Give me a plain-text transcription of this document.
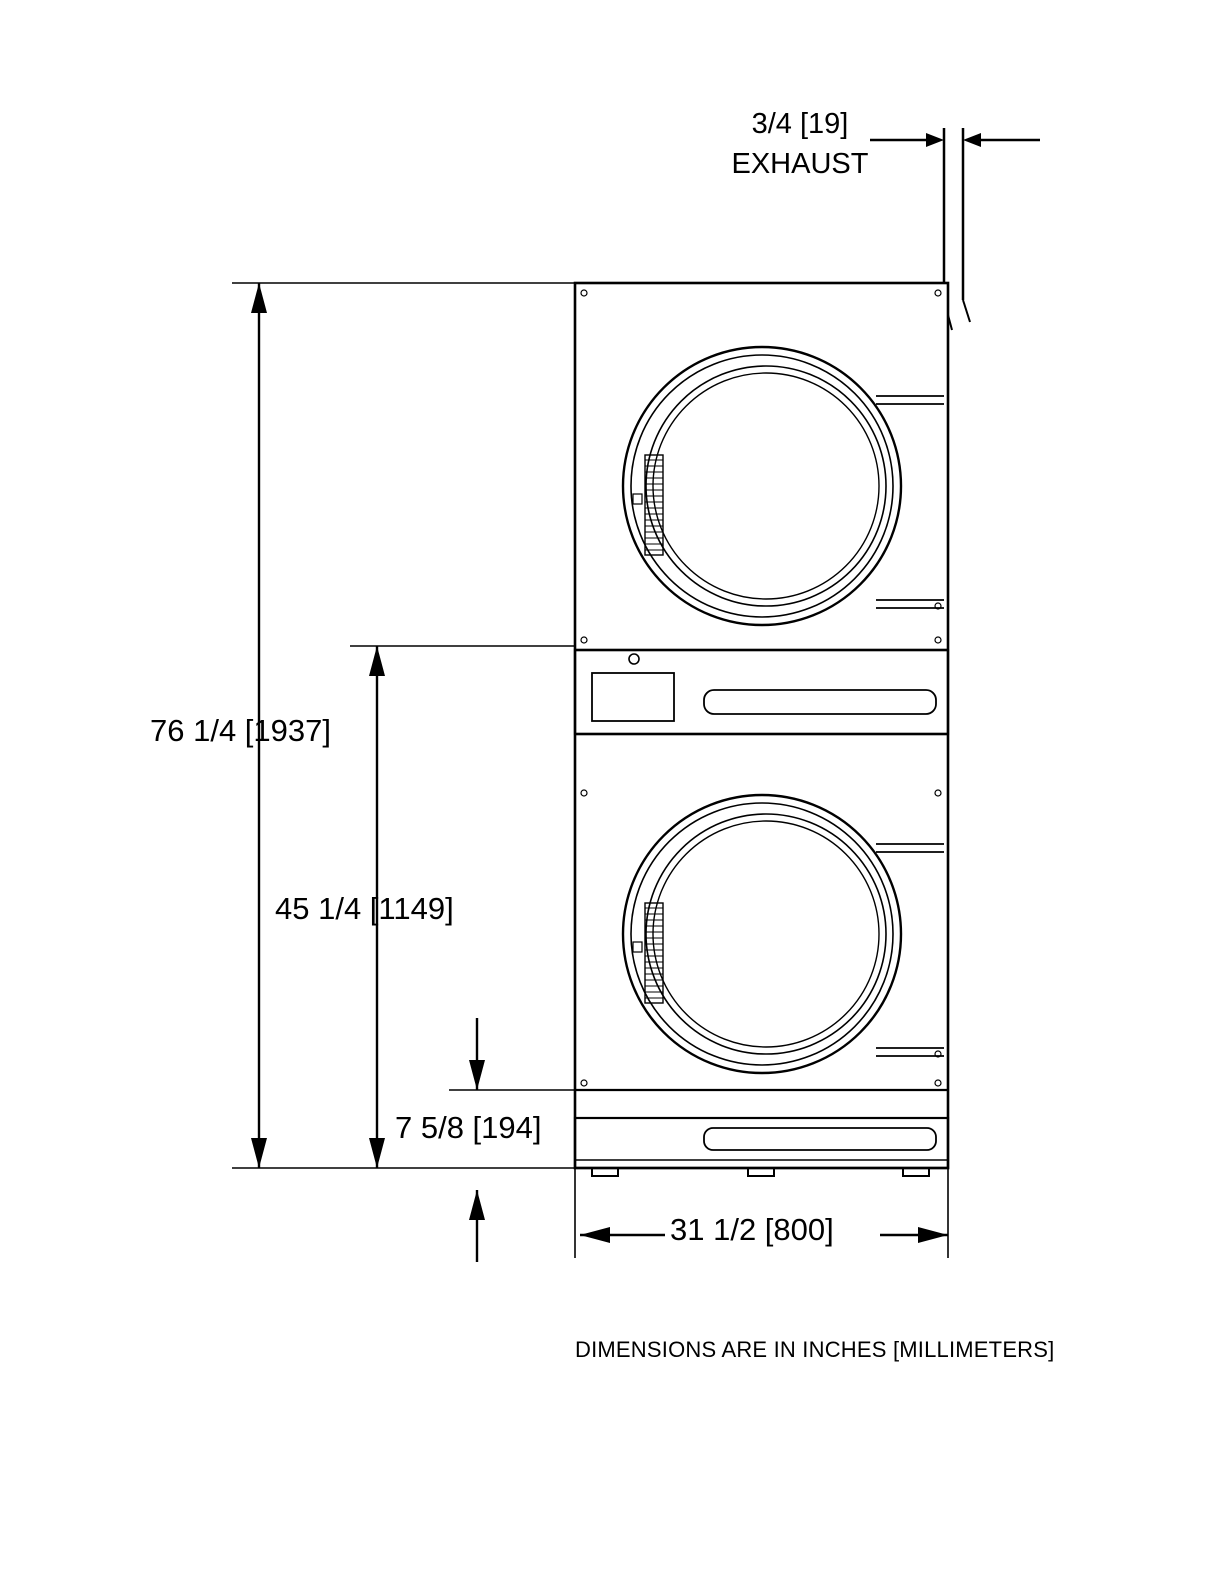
3/4 [19]
EXHAUST
76 1/4 [1937]
45 1/4 [1149]
7 5/8 [194]
31 1/2 [800]
DIMENSIONS ARE IN INCHES [MILLIMETERS]
